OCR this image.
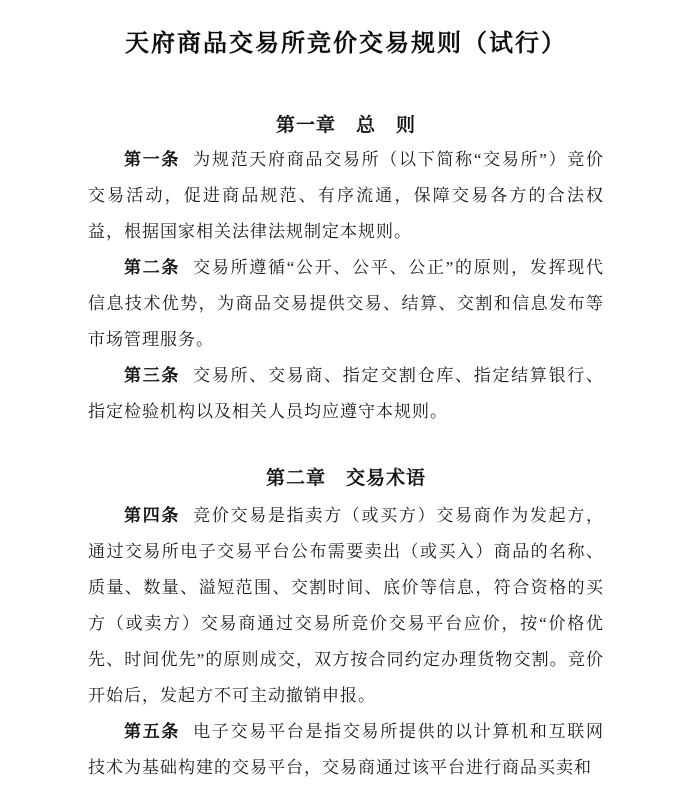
天府商品交易所竞价交易规则（试行）
第一章　总　则

第一条 为规范天府商品交易所（以下简称“交易所”）竞价交易活动，促进商品规范、有序流通，保障交易各方的合法权益，根据国家相关法律法规制定本规则。

第二条 交易所遵循“公开、公平、公正”的原则，发挥现代信息技术优势，为商品交易提供交易、结算、交割和信息发布等市场管理服务。

第三条 交易所、交易商、指定交割仓库、指定结算银行、指定检验机构以及相关人员均应遵守本规则。

第二章　交易术语

第四条 竞价交易是指卖方（或买方）交易商作为发起方，通过交易所电子交易平台公布需要卖出（或买入）商品的名称、质量、数量、溢短范围、交割时间、底价等信息，符合资格的买方（或卖方）交易商通过交易所竞价交易平台应价，按“价格优先、时间优先”的原则成交，双方按合同约定办理货物交割。竞价开始后，发起方不可主动撤销申报。

第五条 电子交易平台是指交易所提供的以计算机和互联网技术为基础构建的交易平台，交易商通过该平台进行商品买卖和
